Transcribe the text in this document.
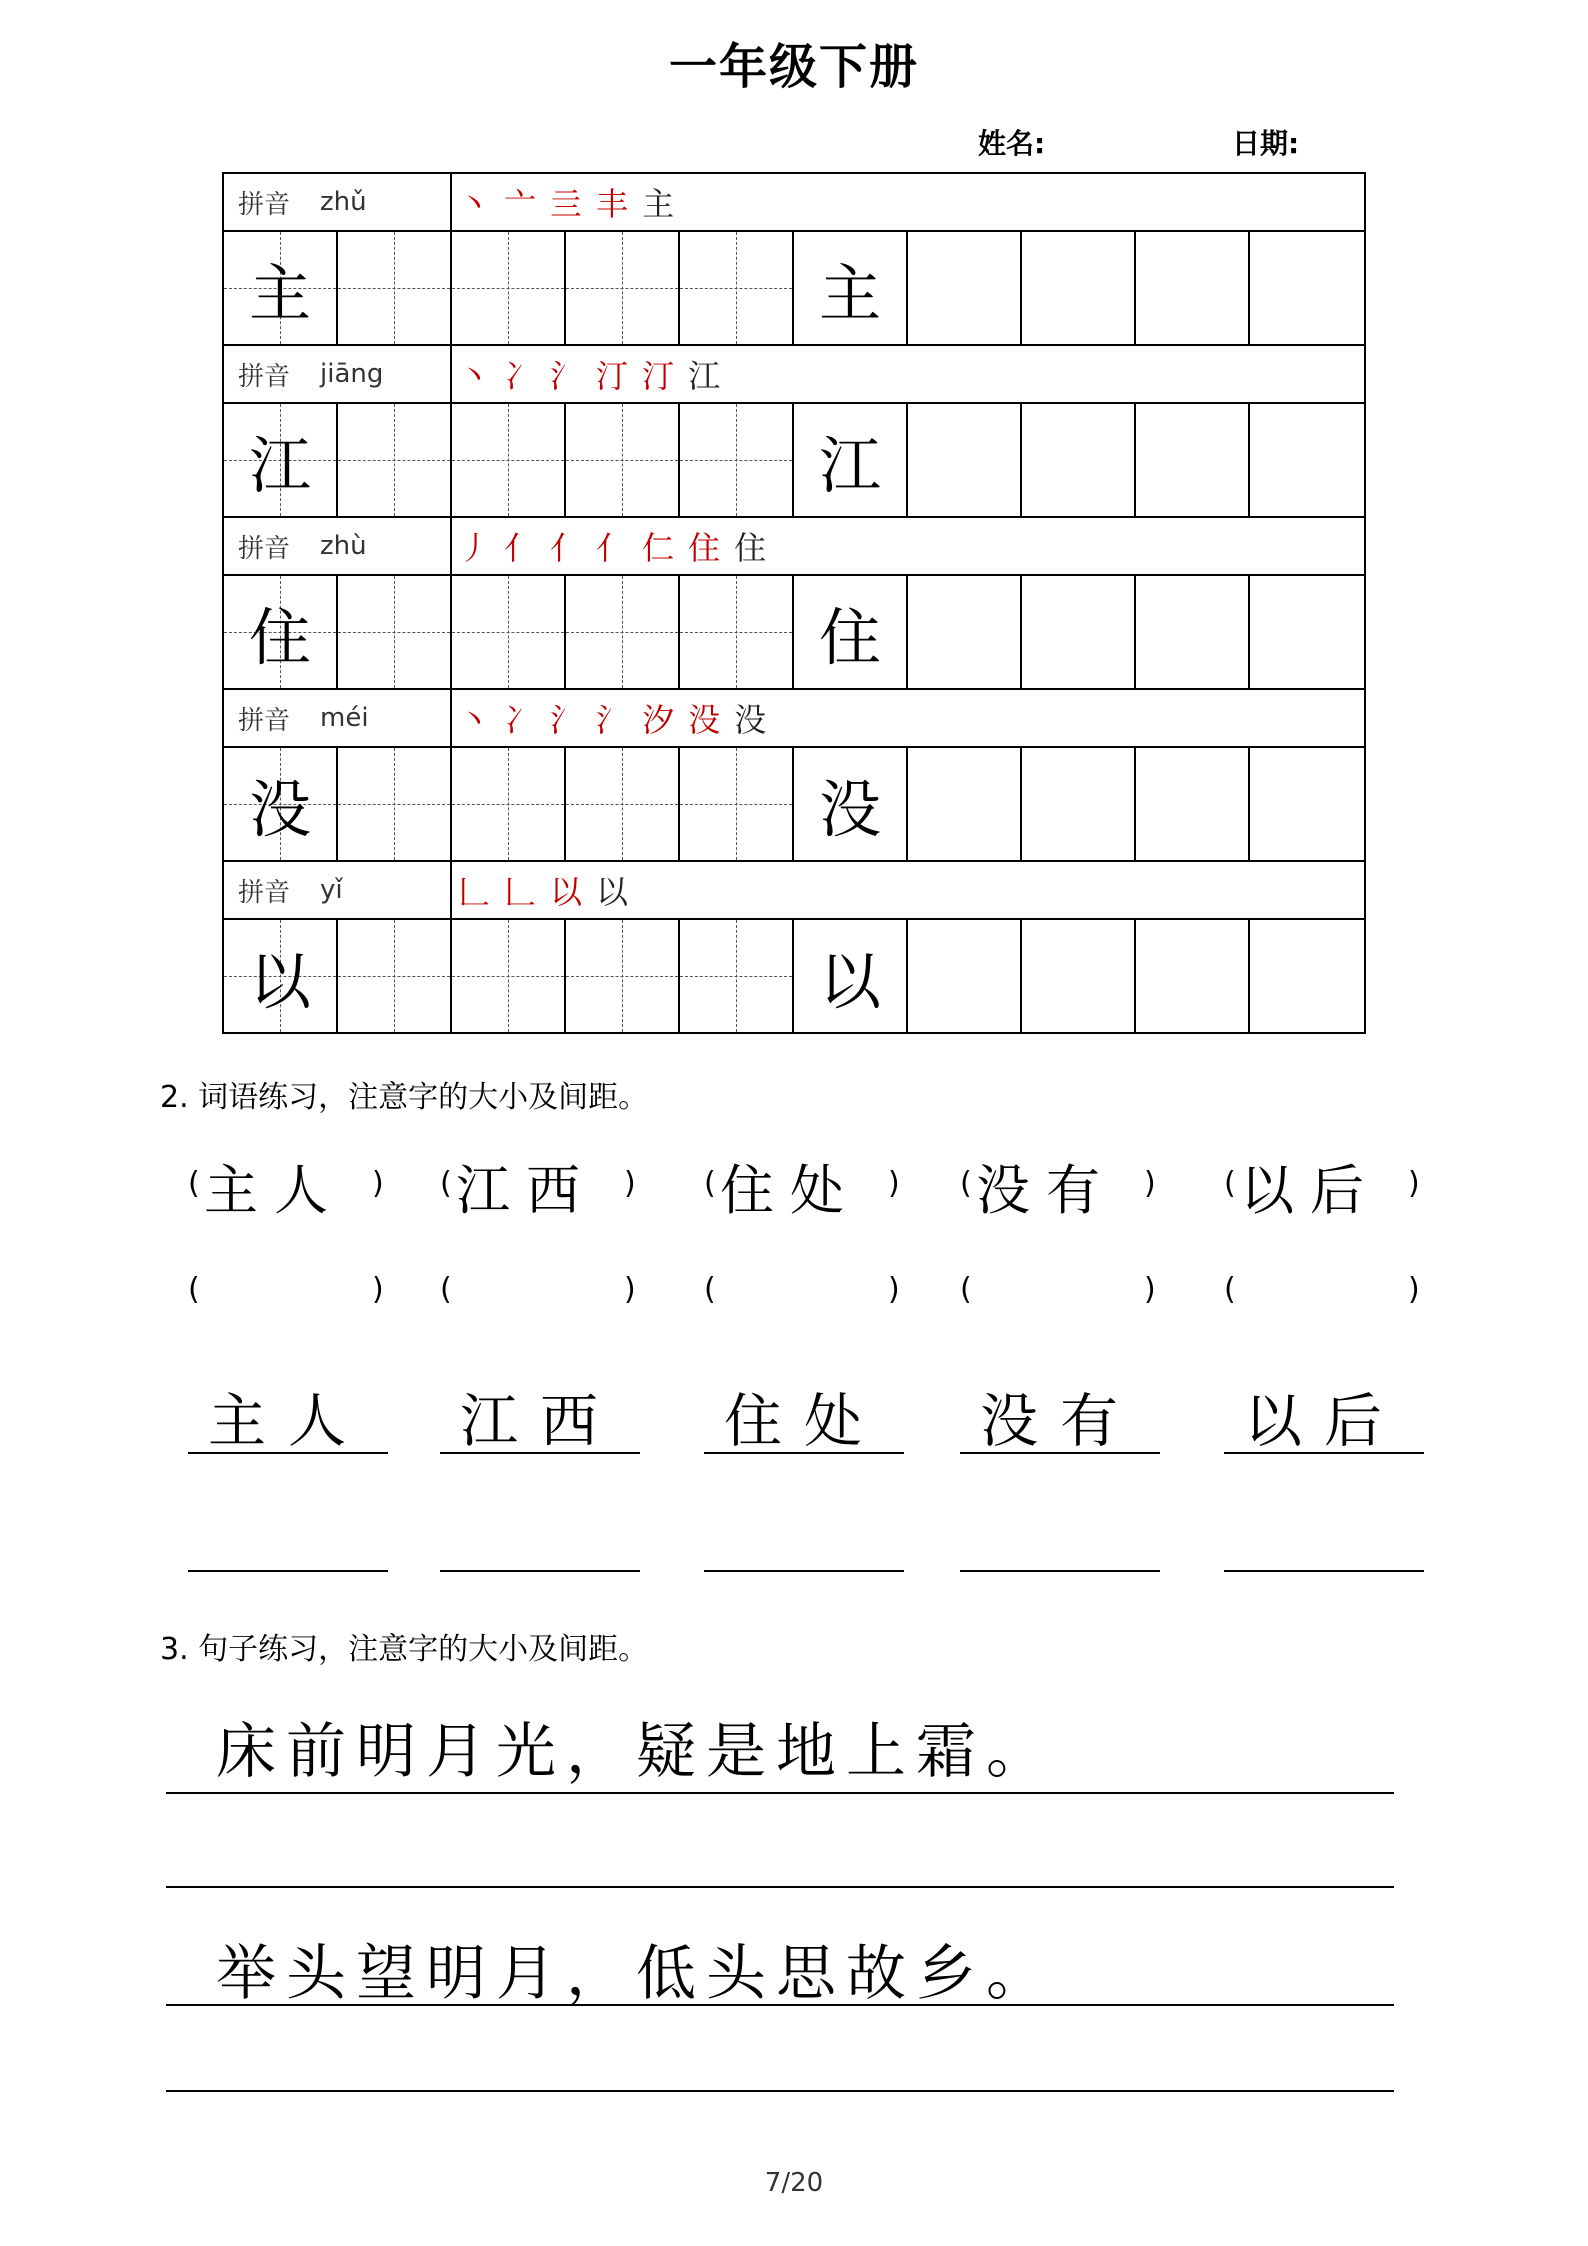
一年级下册
姓名:	日期:
拼音 zhǔ	丶 亠 亖 丰 主
主	主
拼音 jiāng 丶 冫 氵 汀 汀 江
江	江
拼音 zhù	丿 亻 亻 亻 仁 住 住
住	住
拼音 méi	丶 冫 氵 氵 汐 没 没
没	没
拼音 yǐ	𠃊 𠃊 以 以
以	以
2. 词语练习，注意字的大小及间距。
( 主人 )
(	)
主人
( 江西 )
(	)
江西
( 住处 )
(	)
住处
( 没有 )
(	)
没有
( 以后 )
(	)
以后
3. 句子练习，注意字的大小及间距。
床前明月光，疑是地上霜。
举头望明月，低头思故乡。
7/20
